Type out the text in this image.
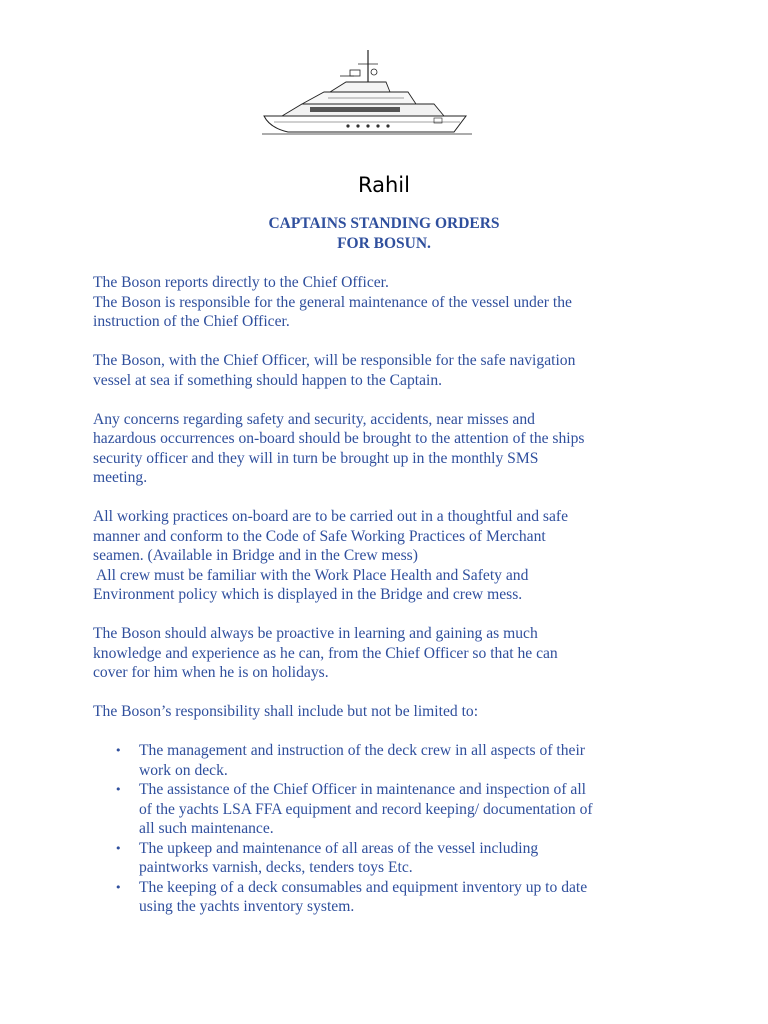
Rahil
CAPTAINS STANDING ORDERS
FOR BOSUN.

The Boson reports directly to the Chief Officer.
The Boson is responsible for the general maintenance of the vessel under the
instruction of the Chief Officer.

The Boson, with the Chief Officer, will be responsible for the safe navigation
vessel at sea if something should happen to the Captain.

Any concerns regarding safety and security, accidents, near misses and
hazardous occurrences on-board should be brought to the attention of the ships
security officer and they will in turn be brought up in the monthly SMS
meeting.

All working practices on-board are to be carried out in a thoughtful and safe
manner and conform to the Code of Safe Working Practices of Merchant
seamen. (Available in Bridge and in the Crew mess)
All crew must be familiar with the Work Place Health and Safety and
Environment policy which is displayed in the Bridge and crew mess.

The Boson should always be proactive in learning and gaining as much
knowledge and experience as he can, from the Chief Officer so that he can
cover for him when he is on holidays.

The Boson’s responsibility shall include but not be limited to:

• The management and instruction of the deck crew in all aspects of their
work on deck.
• The assistance of the Chief Officer in maintenance and inspection of all
of the yachts LSA FFA equipment and record keeping/ documentation of
all such maintenance.
• The upkeep and maintenance of all areas of the vessel including
paintworks varnish, decks, tenders toys Etc.
• The keeping of a deck consumables and equipment inventory up to date
using the yachts inventory system.
